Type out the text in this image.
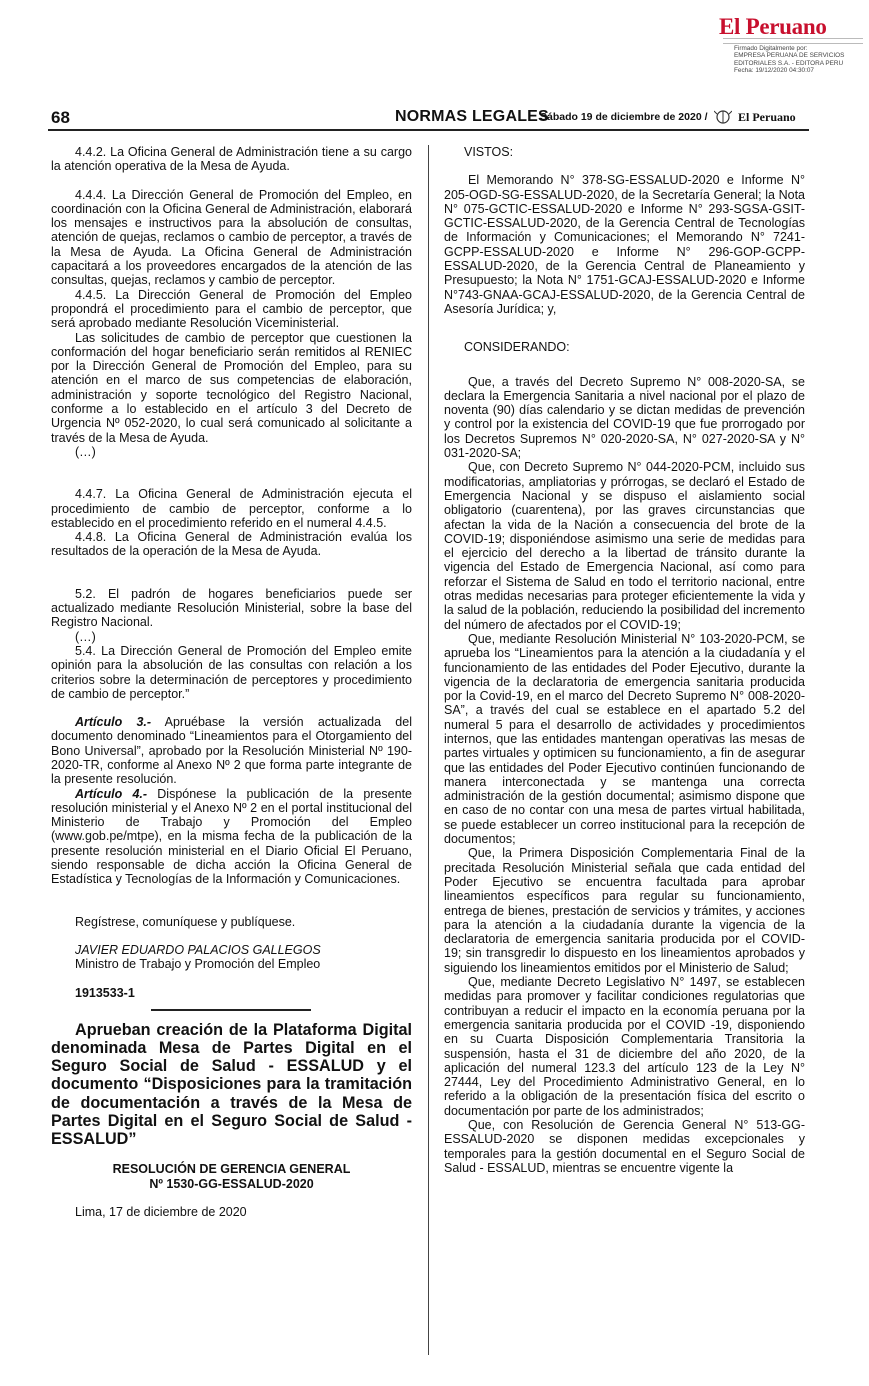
El Peruano
Firmado Digitalmente por:
EMPRESA PERUANA DE SERVICIOS
EDITORIALES S.A. - EDITORA PERU
Fecha: 19/12/2020 04:30:07
68	NORMAS LEGALES
Sábado 19 de diciembre de 2020 /	El Peruano

4.4.2. La Oficina General de Administración tiene a su cargo la atención operativa de la Mesa de Ayuda.

4.4.4. La Dirección General de Promoción del Empleo, en coordinación con la Oficina General de Administración, elaborará los mensajes e instructivos para la absolución de consultas, atención de quejas, reclamos o cambio de perceptor, a través de la Mesa de Ayuda. La Oficina General de Administración capacitará a los proveedores encargados de la atención de las consultas, quejas, reclamos y cambio de perceptor.

4.4.5. La Dirección General de Promoción del Empleo propondrá el procedimiento para el cambio de perceptor, que será aprobado mediante Resolución Viceministerial.

Las solicitudes de cambio de perceptor que cuestionen la conformación del hogar beneficiario serán remitidos al RENIEC por la Dirección General de Promoción del Empleo, para su atención en el marco de sus competencias de elaboración, administración y soporte tecnológico del Registro Nacional, conforme a lo establecido en el artículo 3 del Decreto de Urgencia Nº 052-2020, lo cual será comunicado al solicitante a través de la Mesa de Ayuda.

(…)

4.4.7. La Oficina General de Administración ejecuta el procedimiento de cambio de perceptor, conforme a lo establecido en el procedimiento referido en el numeral 4.4.5.

4.4.8. La Oficina General de Administración evalúa los resultados de la operación de la Mesa de Ayuda.

5.2. El padrón de hogares beneficiarios puede ser actualizado mediante Resolución Ministerial, sobre la base del Registro Nacional.

(…)

5.4. La Dirección General de Promoción del Empleo emite opinión para la absolución de las consultas con relación a los criterios sobre la determinación de perceptores y procedimiento de cambio de perceptor.”

Artículo 3.- Apruébase la versión actualizada del documento denominado “Lineamientos para el Otorgamiento del Bono Universal”, aprobado por la Resolución Ministerial Nº 190-2020-TR, conforme al Anexo Nº 2 que forma parte integrante de la presente resolución.

Artículo 4.- Dispónese la publicación de la presente resolución ministerial y el Anexo Nº 2 en el portal institucional del Ministerio de Trabajo y Promoción del Empleo (www.gob.pe/mtpe), en la misma fecha de la publicación de la presente resolución ministerial en el Diario Oficial El Peruano, siendo responsable de dicha acción la Oficina General de Estadística y Tecnologías de la Información y Comunicaciones.

Regístrese, comuníquese y publíquese.

JAVIER EDUARDO PALACIOS GALLEGOS

Ministro de Trabajo y Promoción del Empleo

1913533-1

Aprueban creación de la Plataforma Digital denominada Mesa de Partes Digital en el Seguro Social de Salud - ESSALUD y el documento “Disposiciones para la tramitación de documentación a través de la Mesa de Partes Digital en el Seguro Social de Salud - ESSALUD”

RESOLUCIÓN DE GERENCIA GENERAL
Nº 1530-GG-ESSALUD-2020

Lima, 17 de diciembre de 2020

VISTOS:

El Memorando N° 378-SG-ESSALUD-2020 e Informe N° 205-OGD-SG-ESSALUD-2020, de la Secretaría General; la Nota N° 075-GCTIC-ESSALUD-2020 e Informe N° 293-SGSA-GSIT-GCTIC-ESSALUD-2020, de la Gerencia Central de Tecnologías de Información y Comunicaciones; el Memorando N° 7241-GCPP-ESSALUD-2020 e Informe N° 296-GOP-GCPP-ESSALUD-2020, de la Gerencia Central de Planeamiento y Presupuesto; la Nota N° 1751-GCAJ-ESSALUD-2020 e Informe N°743-GNAA-GCAJ-ESSALUD-2020, de la Gerencia Central de Asesoría Jurídica; y,

CONSIDERANDO:

Que, a través del Decreto Supremo N° 008-2020-SA, se declara la Emergencia Sanitaria a nivel nacional por el plazo de noventa (90) días calendario y se dictan medidas de prevención y control por la existencia del COVID-19 que fue prorrogado por los Decretos Supremos N° 020-2020-SA, N° 027-2020-SA y N° 031-2020-SA;

Que, con Decreto Supremo N° 044-2020-PCM, incluido sus modificatorias, ampliatorias y prórrogas, se declaró el Estado de Emergencia Nacional y se dispuso el aislamiento social obligatorio (cuarentena), por las graves circunstancias que afectan la vida de la Nación a consecuencia del brote de la COVID-19; disponiéndose asimismo una serie de medidas para el ejercicio del derecho a la libertad de tránsito durante la vigencia del Estado de Emergencia Nacional, así como para reforzar el Sistema de Salud en todo el territorio nacional, entre otras medidas necesarias para proteger eficientemente la vida y la salud de la población, reduciendo la posibilidad del incremento del número de afectados por el COVID-19;

Que, mediante Resolución Ministerial N° 103-2020-PCM, se aprueba los “Lineamientos para la atención a la ciudadanía y el funcionamiento de las entidades del Poder Ejecutivo, durante la vigencia de la declaratoria de emergencia sanitaria producida por la Covid-19, en el marco del Decreto Supremo N° 008-2020-SA”, a través del cual se establece en el apartado 5.2 del numeral 5 para el desarrollo de actividades y procedimientos internos, que las entidades mantengan operativas las mesas de partes virtuales y optimicen su funcionamiento, a fin de asegurar que las entidades del Poder Ejecutivo continúen funcionando de manera interconectada y se mantenga una correcta administración de la gestión documental; asimismo dispone que en caso de no contar con una mesa de partes virtual habilitada, se puede establecer un correo institucional para la recepción de documentos;

Que, la Primera Disposición Complementaria Final de la precitada Resolución Ministerial señala que cada entidad del Poder Ejecutivo se encuentra facultada para aprobar lineamientos específicos para regular su funcionamiento, entrega de bienes, prestación de servicios y trámites, y acciones para la atención a la ciudadanía durante la vigencia de la declaratoria de emergencia sanitaria producida por el COVID- 19; sin transgredir lo dispuesto en los lineamientos aprobados y siguiendo los lineamientos emitidos por el Ministerio de Salud;

Que, mediante Decreto Legislativo N° 1497, se establecen medidas para promover y facilitar condiciones regulatorias que contribuyan a reducir el impacto en la economía peruana por la emergencia sanitaria producida por el COVID -19, disponiendo en su Cuarta Disposición Complementaria Transitoria la suspensión, hasta el 31 de diciembre del año 2020, de la aplicación del numeral 123.3 del artículo 123 de la Ley N° 27444, Ley del Procedimiento Administrativo General, en lo referido a la obligación de la presentación física del escrito o documentación por parte de los administrados;

Que, con Resolución de Gerencia General N° 513-GG-ESSALUD-2020 se disponen medidas excepcionales y temporales para la gestión documental en el Seguro Social de Salud - ESSALUD, mientras se encuentre vigente la
